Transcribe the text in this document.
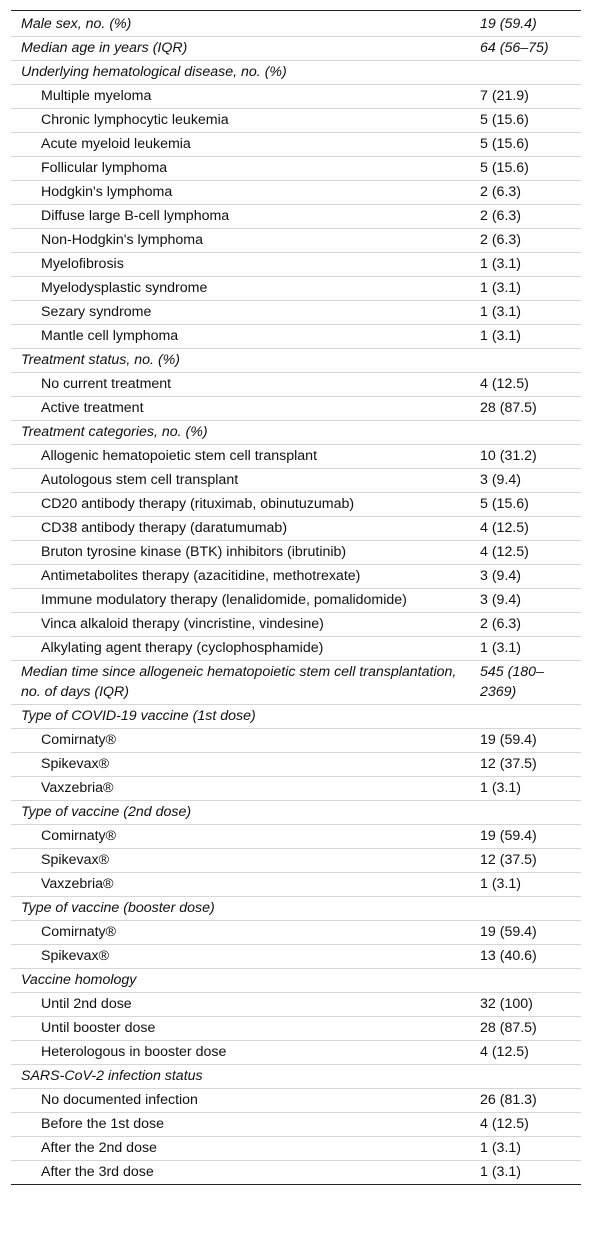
Male sex, no. (%)	19 (59.4)
Median age in years (IQR)	64 (56–75)
Underlying hematological disease, no. (%)	
Multiple myeloma	7 (21.9)
Chronic lymphocytic leukemia	5 (15.6)
Acute myeloid leukemia	5 (15.6)
Follicular lymphoma	5 (15.6)
Hodgkin's lymphoma	2 (6.3)
Diffuse large B-cell lymphoma	2 (6.3)
Non-Hodgkin's lymphoma	2 (6.3)
Myelofibrosis	1 (3.1)
Myelodysplastic syndrome	1 (3.1)
Sezary syndrome	1 (3.1)
Mantle cell lymphoma	1 (3.1)
Treatment status, no. (%)	
No current treatment	4 (12.5)
Active treatment	28 (87.5)
Treatment categories, no. (%)	
Allogenic hematopoietic stem cell transplant	10 (31.2)
Autologous stem cell transplant	3 (9.4)
CD20 antibody therapy (rituximab, obinutuzumab)	5 (15.6)
CD38 antibody therapy (daratumumab)	4 (12.5)
Bruton tyrosine kinase (BTK) inhibitors (ibrutinib)	4 (12.5)
Antimetabolites therapy (azacitidine, methotrexate)	3 (9.4)
Immune modulatory therapy (lenalidomide, pomalidomide)	3 (9.4)
Vinca alkaloid therapy (vincristine, vindesine)	2 (6.3)
Alkylating agent therapy (cyclophosphamide)	1 (3.1)
Median time since allogeneic hematopoietic stem cell transplantation, no. of days (IQR)	545 (180–2369)
Type of COVID-19 vaccine (1st dose)	
Comirnaty®	19 (59.4)
Spikevax®	12 (37.5)
Vaxzebria®	1 (3.1)
Type of vaccine (2nd dose)	
Comirnaty®	19 (59.4)
Spikevax®	12 (37.5)
Vaxzebria®	1 (3.1)
Type of vaccine (booster dose)	
Comirnaty®	19 (59.4)
Spikevax®	13 (40.6)
Vaccine homology	
Until 2nd dose	32 (100)
Until booster dose	28 (87.5)
Heterologous in booster dose	4 (12.5)
SARS-CoV-2 infection status	
No documented infection	26 (81.3)
Before the 1st dose	4 (12.5)
After the 2nd dose	1 (3.1)
After the 3rd dose	1 (3.1)
